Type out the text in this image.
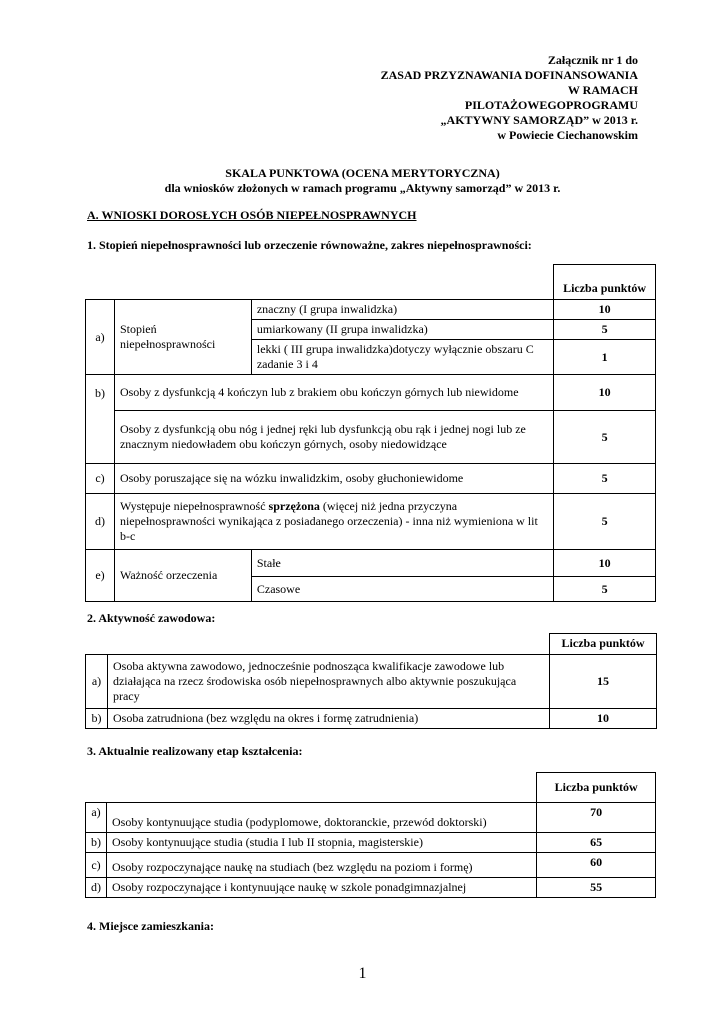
Załącznik nr 1 do
ZASAD PRZYZNAWANIA DOFINANSOWANIA
W RAMACH
PILOTAŻOWEGOPROGRAMU
„AKTYWNY SAMORZĄD” w 2013 r.
w Powiecie Ciechanowskim
SKALA PUNKTOWA (OCENA MERYTORYCZNA)
dla wniosków złożonych w ramach programu „Aktywny samorząd” w 2013 r.
A. WNIOSKI DOROSŁYCH OSÓB NIEPEŁNOSPRAWNYCH
1. Stopień niepełnosprawności lub orzeczenie równoważne, zakres niepełnosprawności:
			Liczba punktów
a)	Stopień niepełnosprawności	znaczny (I grupa inwalidzka)	10
		umiarkowany (II grupa inwalidzka)	5
		lekki ( III grupa inwalidzka)dotyczy wyłącznie obszaru C zadanie 3 i 4	1
b)	Osoby z dysfunkcją 4 kończyn lub z brakiem obu kończyn górnych lub niewidome		10
	Osoby z dysfunkcją obu nóg i jednej ręki lub dysfunkcją obu rąk i jednej nogi lub ze znacznym niedowładem obu kończyn górnych, osoby niedowidzące		5
c)	Osoby poruszające się na wózku inwalidzkim, osoby głuchoniewidome		5
d)	Występuje niepełnosprawność sprzężona (więcej niż jedna przyczyna niepełnosprawności wynikająca z posiadanego orzeczenia) - inna niż wymieniona w lit b-c		5
e)	Ważność orzeczenia	Stałe	10
		Czasowe	5
2. Aktywność zawodowa:
		Liczba punktów
a)	Osoba aktywna zawodowo, jednocześnie podnosząca kwalifikacje zawodowe lub działająca na rzecz środowiska osób niepełnosprawnych albo aktywnie poszukująca pracy	15
b)	Osoba zatrudniona (bez względu na okres i formę zatrudnienia)	10
3. Aktualnie realizowany etap kształcenia:
		Liczba punktów
a)	Osoby kontynuujące studia (podyplomowe, doktoranckie, przewód doktorski)	70
b)	Osoby kontynuujące studia (studia I lub II stopnia, magisterskie)	65
c)	Osoby rozpoczynające naukę na studiach (bez względu na poziom i formę)	60
d)	Osoby rozpoczynające i kontynuujące naukę w szkole ponadgimnazjalnej	55
4. Miejsce zamieszkania:
1
